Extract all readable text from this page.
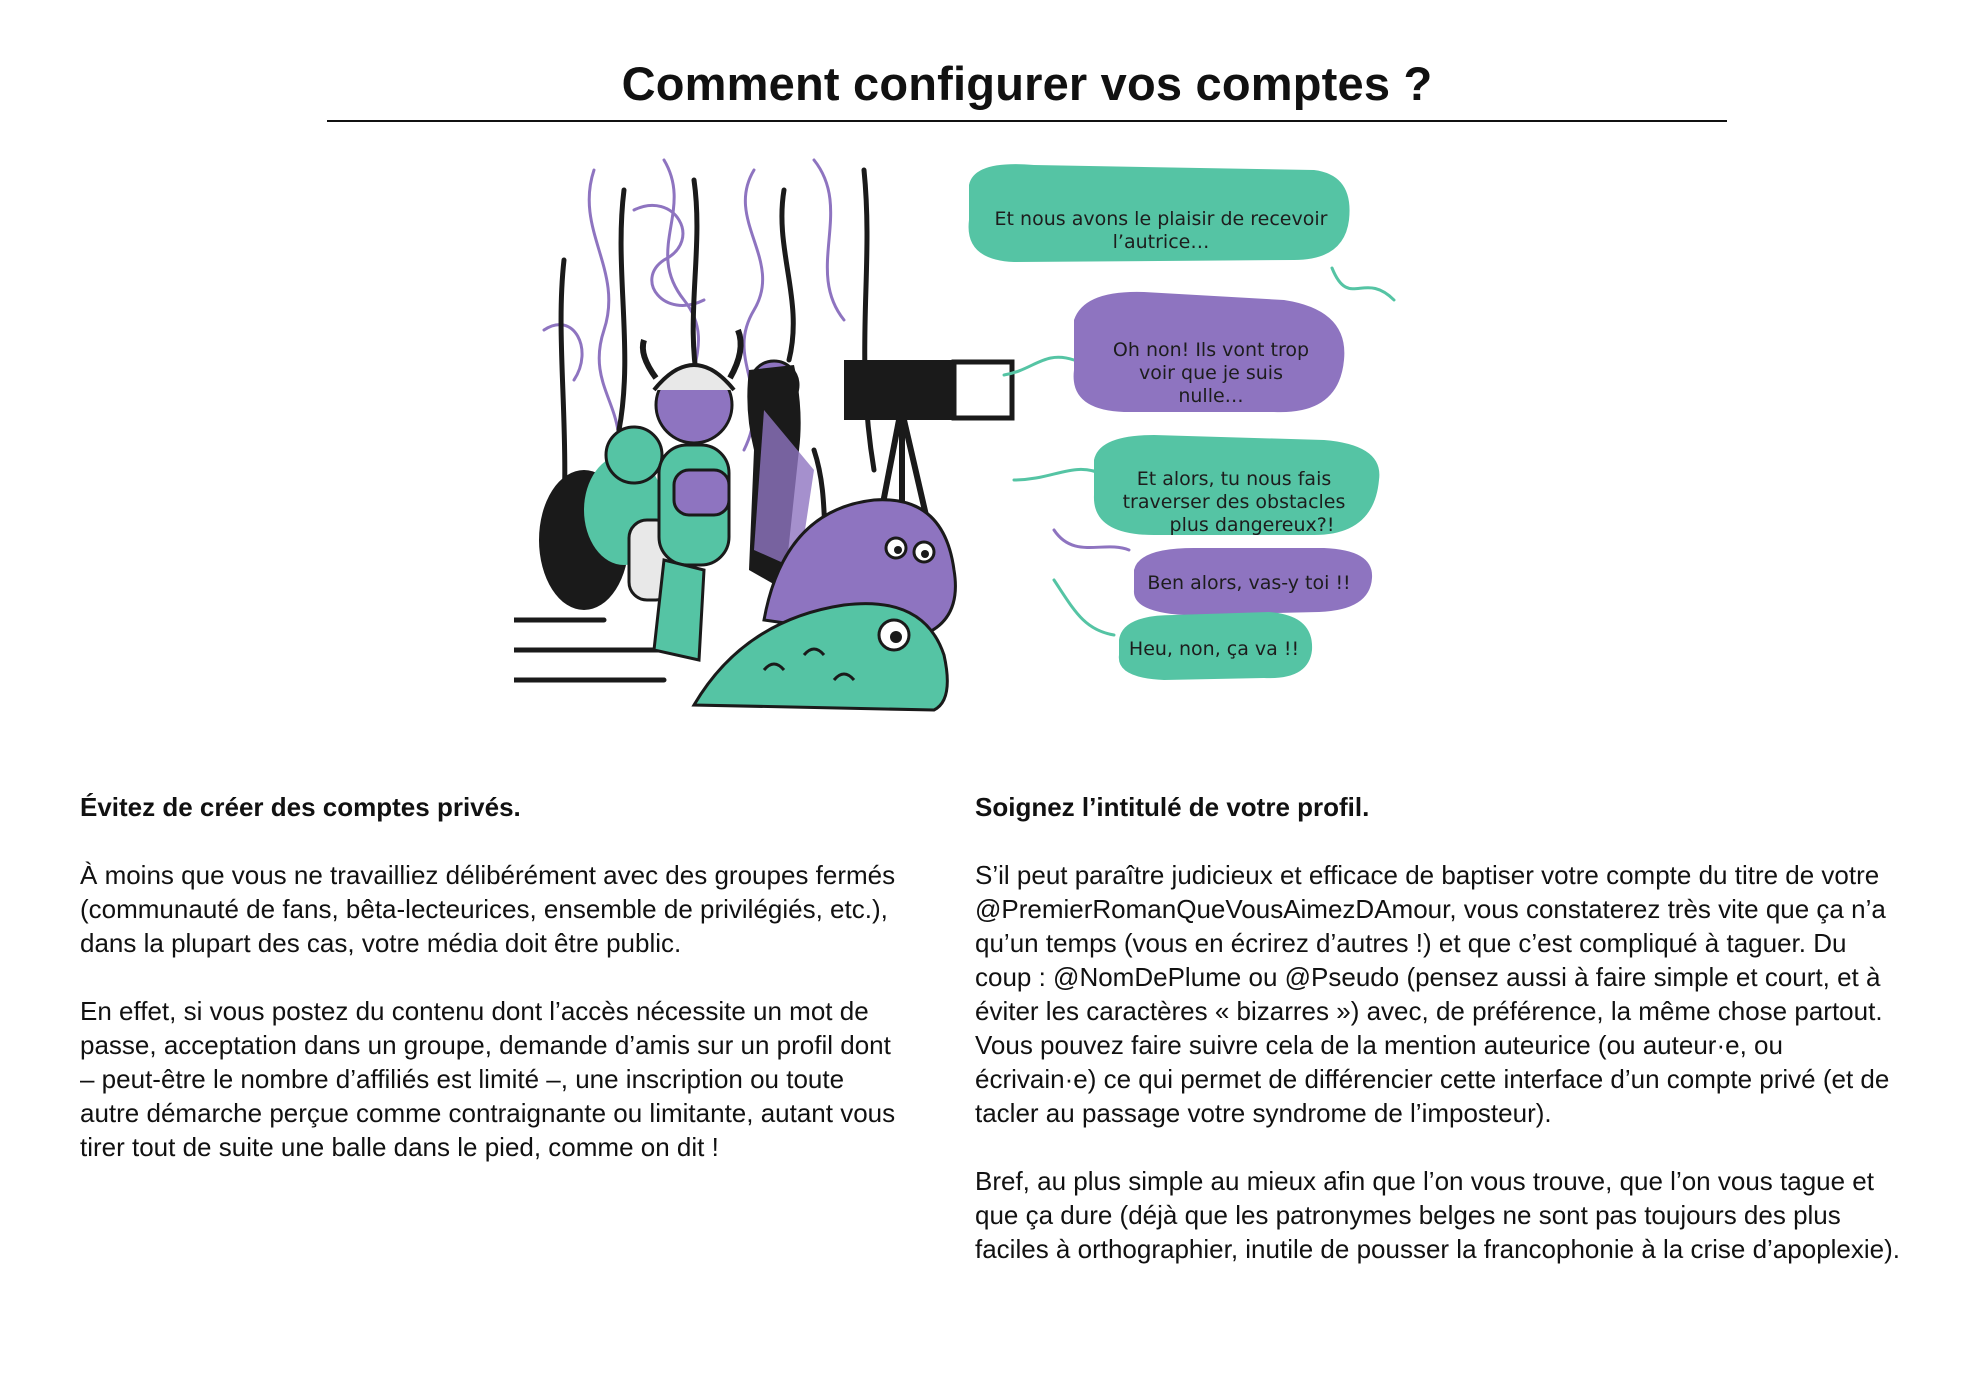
Comment configurer vos comptes ?
Et nous avons le plaisir de recevoir
l’autrice…
Oh non! Ils vont trop
voir que je suis
nulle…
Et alors, tu nous fais
traverser des obstacles
plus dangereux?!
Ben alors, vas-y toi !!
Heu, non, ça va !!
Évitez de créer des comptes privés.

À moins que vous ne travailliez délibérément avec des groupes fermés (communauté de fans, bêta-lecteurices, ensemble de privilégiés, etc.), dans la plupart des cas, votre média doit être public.

En effet, si vous postez du contenu dont l’accès nécessite un mot de passe, acceptation dans un groupe, demande d’amis sur un profil dont – peut-être le nombre d’affiliés est limité –, une inscription ou toute autre démarche perçue comme contraignante ou limitante, autant vous tirer tout de suite une balle dans le pied, comme on dit !

Soignez l’intitulé de votre profil.

S’il peut paraître judicieux et efficace de baptiser votre compte du titre de votre @PremierRomanQueVousAimezDAmour, vous constaterez très vite que ça n’a qu’un temps (vous en écrirez d’autres !) et que c’est compliqué à taguer. Du coup : @NomDePlume ou @Pseudo (pensez aussi à faire simple et court, et à éviter les caractères « bizarres ») avec, de préférence, la même chose partout. Vous pouvez faire suivre cela de la mention auteurice (ou auteur·e, ou écrivain·e) ce qui permet de différencier cette interface d’un compte privé (et de tacler au passage votre syndrome de l’imposteur).

Bref, au plus simple au mieux afin que l’on vous trouve, que l’on vous tague et que ça dure (déjà que les patronymes belges ne sont pas toujours des plus faciles à orthographier, inutile de pousser la francophonie à la crise d’apoplexie).
